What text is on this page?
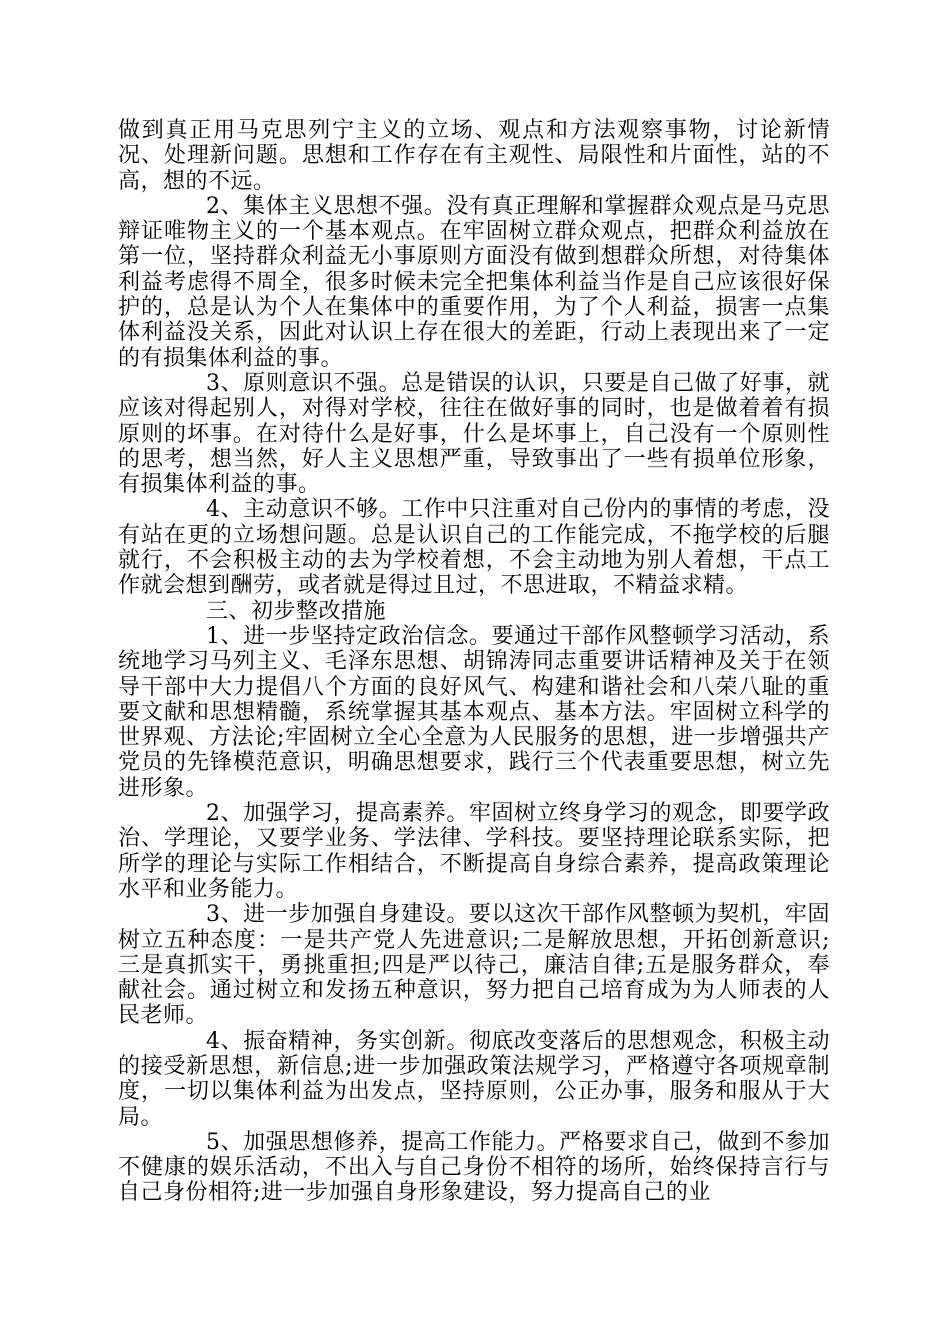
做到真正用马克思列宁主义的立场、观点和方法观察事物，讨论新情况、处理新问题。思想和工作存在有主观性、局限性和片面性，站的不高，想的不远。

2、集体主义思想不强。没有真正理解和掌握群众观点是马克思辩证唯物主义的一个基本观点。在牢固树立群众观点，把群众利益放在第一位，坚持群众利益无小事原则方面没有做到想群众所想，对待集体利益考虑得不周全，很多时候未完全把集体利益当作是自己应该很好保护的，总是认为个人在集体中的重要作用，为了个人利益，损害一点集体利益没关系，因此对认识上存在很大的差距，行动上表现出来了一定的有损集体利益的事。

3、原则意识不强。总是错误的认识，只要是自己做了好事，就应该对得起别人，对得对学校，往往在做好事的同时，也是做着着有损原则的坏事。在对待什么是好事，什么是坏事上，自己没有一个原则性的思考，想当然，好人主义思想严重，导致事出了一些有损单位形象，有损集体利益的事。

4、主动意识不够。工作中只注重对自己份内的事情的考虑，没有站在更的立场想问题。总是认识自己的工作能完成，不拖学校的后腿就行，不会积极主动的去为学校着想，不会主动地为别人着想，干点工作就会想到酬劳，或者就是得过且过，不思进取，不精益求精。

三、初步整改措施

1、进一步坚持定政治信念。要通过干部作风整顿学习活动，系统地学习马列主义、毛泽东思想、胡锦涛同志重要讲话精神及关于在领导干部中大力提倡八个方面的良好风气、构建和谐社会和八荣八耻的重要文献和思想精髓，系统掌握其基本观点、基本方法。牢固树立科学的世界观、方法论;牢固树立全心全意为人民服务的思想，进一步增强共产党员的先锋模范意识，明确思想要求，践行三个代表重要思想，树立先进形象。

2、加强学习，提高素养。牢固树立终身学习的观念，即要学政治、学理论，又要学业务、学法律、学科技。要坚持理论联系实际，把所学的理论与实际工作相结合，不断提高自身综合素养，提高政策理论水平和业务能力。

3、进一步加强自身建设。要以这次干部作风整顿为契机，牢固树立五种态度：一是共产党人先进意识;二是解放思想，开拓创新意识;三是真抓实干，勇挑重担;四是严以待己，廉洁自律;五是服务群众，奉献社会。通过树立和发扬五种意识，努力把自己培育成为为人师表的人民老师。

4、振奋精神，务实创新。彻底改变落后的思想观念，积极主动的接受新思想，新信息;进一步加强政策法规学习，严格遵守各项规章制度，一切以集体利益为出发点，坚持原则，公正办事，服务和服从于大局。

5、加强思想修养，提高工作能力。严格要求自己，做到不参加不健康的娱乐活动，不出入与自己身份不相符的场所，始终保持言行与自己身份相符;进一步加强自身形象建设，努力提高自己的业
